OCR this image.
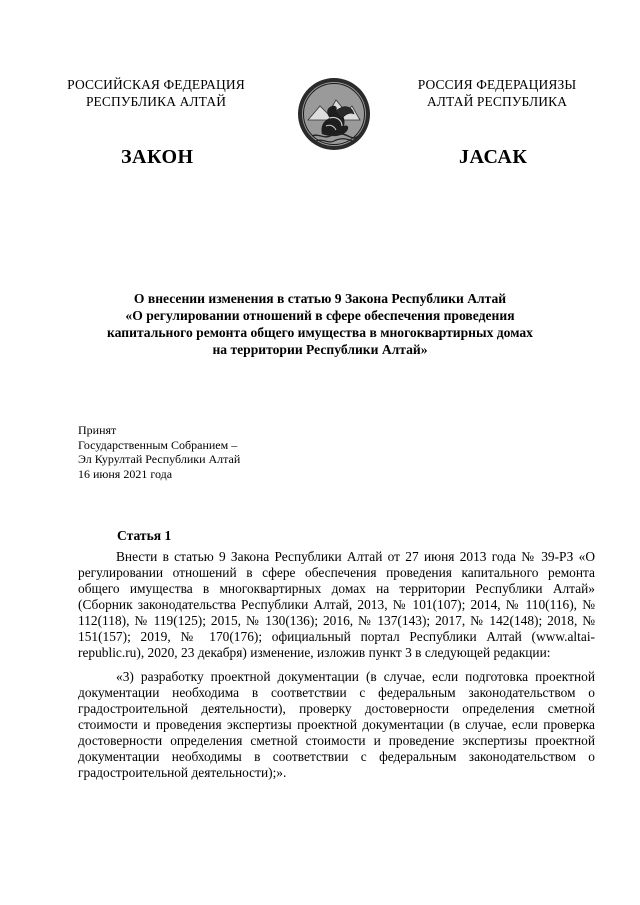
РОССИЙСКАЯ ФЕДЕРАЦИЯ
РЕСПУБЛИКА АЛТАЙ
РОССИЯ ФЕДЕРАЦИЯЗЫ
АЛТАЙ РЕСПУБЛИКА
ЗАКОН	JАСАК
О внесении изменения в статью 9 Закона Республики Алтай
«О регулировании отношений в сфере обеспечения проведения
капитального ремонта общего имущества в многоквартирных домах
на территории Республики Алтай»
Принят
Государственным Собранием –
Эл Курултай Республики Алтай
16 июня 2021 года
Статья 1

Внести в статью 9 Закона Республики Алтай от 27 июня 2013 года № 39-РЗ «О регулировании отношений в сфере обеспечения проведения капитального ремонта общего имущества в многоквартирных домах на территории Республики Алтай» (Сборник законодательства Республики Алтай, 2013, № 101(107); 2014, № 110(116), № 112(118), № 119(125); 2015, № 130(136); 2016, № 137(143); 2017, № 142(148); 2018, № 151(157); 2019, № 170(176); официальный портал Республики Алтай (www.altai-republic.ru), 2020, 23 декабря) изменение, изложив пункт 3 в следующей редакции:

«3) разработку проектной документации (в случае, если подготовка проектной документации необходима в соответствии с федеральным законодательством о градостроительной деятельности), проверку достоверности определения сметной стоимости и проведения экспертизы проектной документации (в случае, если проверка достоверности определения сметной стоимости и проведение экспертизы проектной документации необходимы в соответствии с федеральным законодательством о градостроительной деятельности);».
